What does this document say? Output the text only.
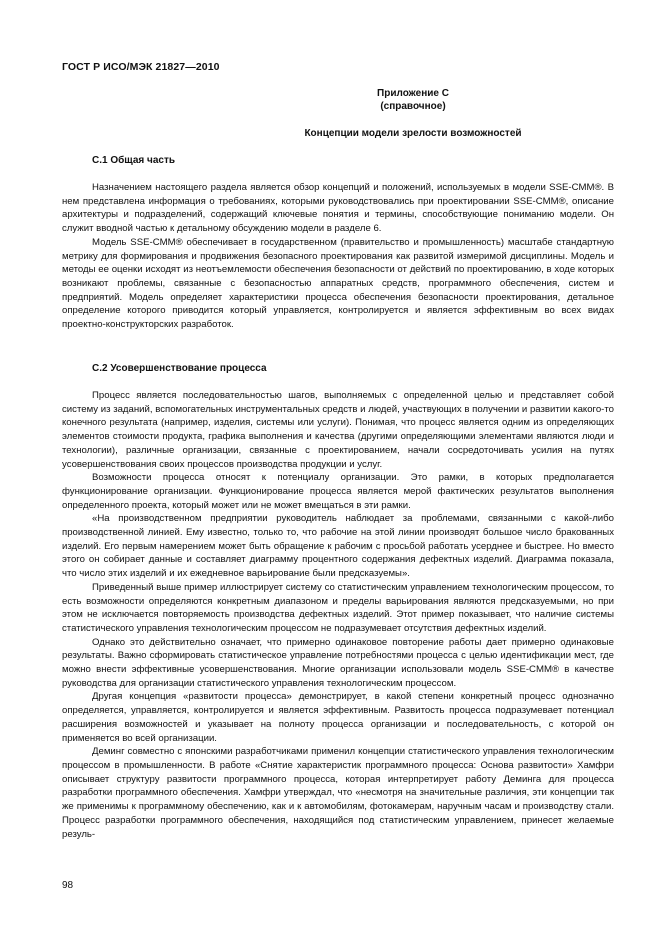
ГОСТ Р ИСО/МЭК 21827—2010
Приложение С
(справочное)
Концепции модели зрелости возможностей
С.1 Общая часть

Назначением настоящего раздела является обзор концепций и положений, используемых в модели SSE-CMM®. В нем представлена информация о требованиях, которыми руководствовались при проектировании SSE-CMM®, описание архитектуры и подразделений, содержащий ключевые понятия и термины, способствующие пониманию модели. Он служит вводной частью к детальному обсуждению модели в разделе 6.

Модель SSE-CMM® обеспечивает в государственном (правительство и промышленность) масштабе стандартную метрику для формирования и продвижения безопасного проектирования как развитой измеримой дисциплины. Модель и методы ее оценки исходят из неотъемлемости обеспечения безопасности от действий по проектированию, в ходе которых возникают проблемы, связанные с безопасностью аппаратных средств, программного обеспечения, систем и предприятий. Модель определяет характеристики процесса обеспечения безопасности проектирования, детальное определение которого приводится который управляется, контролируется и является эффективным во всех видах проектно-конструкторских разработок.

С.2 Усовершенствование процесса

Процесс является последовательностью шагов, выполняемых с определенной целью и представляет собой систему из заданий, вспомогательных инструментальных средств и людей, участвующих в получении и развитии какого-то конечного результата (например, изделия, системы или услуги). Понимая, что процесс является одним из определяющих элементов стоимости продукта, графика выполнения и качества (другими определяющими элементами являются люди и технологии), различные организации, связанные с проектированием, начали сосредоточивать усилия на путях усовершенствования своих процессов производства продукции и услуг.

Возможности процесса относят к потенциалу организации. Это рамки, в которых предполагается функционирование организации. Функционирование процесса является мерой фактических результатов выполнения определенного проекта, который может или не может вмещаться в эти рамки.

«На производственном предприятии руководитель наблюдает за проблемами, связанными с какой-либо производственной линией. Ему известно, только то, что рабочие на этой линии производят большое число бракованных изделий. Его первым намерением может быть обращение к рабочим с просьбой работать усерднее и быстрее. Но вместо этого он собирает данные и составляет диаграмму процентного содержания дефектных изделий. Диаграмма показала, что число этих изделий и их ежедневное варьирование были предсказуемы».

Приведенный выше пример иллюстрирует систему со статистическим управлением технологическим процессом, то есть возможности определяются конкретным диапазоном и пределы варьирования являются предсказуемыми, но при этом не исключается повторяемость производства дефектных изделий. Этот пример показывает, что наличие системы статистического управления технологическим процессом не подразумевает отсутствия дефектных изделий.

Однако это действительно означает, что примерно одинаковое повторение работы дает примерно одинаковые результаты. Важно сформировать статистическое управление потребностями процесса с целью идентификации мест, где можно внести эффективные усовершенствования. Многие организации использовали модель SSE-CMM® в качестве руководства для организации статистического управления технологическим процессом.

Другая концепция «развитости процесса» демонстрирует, в какой степени конкретный процесс однозначно определяется, управляется, контролируется и является эффективным. Развитость процесса подразумевает потенциал расширения возможностей и указывает на полноту процесса организации и последовательность, с которой он применяется во всей организации.

Деминг совместно с японскими разработчиками применил концепции статистического управления технологическим процессом в промышленности. В работе «Снятие характеристик программного процесса: Основа развитости» Хамфри описывает структуру развитости программного процесса, которая интерпретирует работу Деминга для процесса разработки программного обеспечения. Хамфри утверждал, что «несмотря на значительные различия, эти концепции так же применимы к программному обеспечению, как и к автомобилям, фотокамерам, наручным часам и производству стали. Процесс разработки программного обеспечения, находящийся под статистическим управлением, принесет желаемые резуль-

98
